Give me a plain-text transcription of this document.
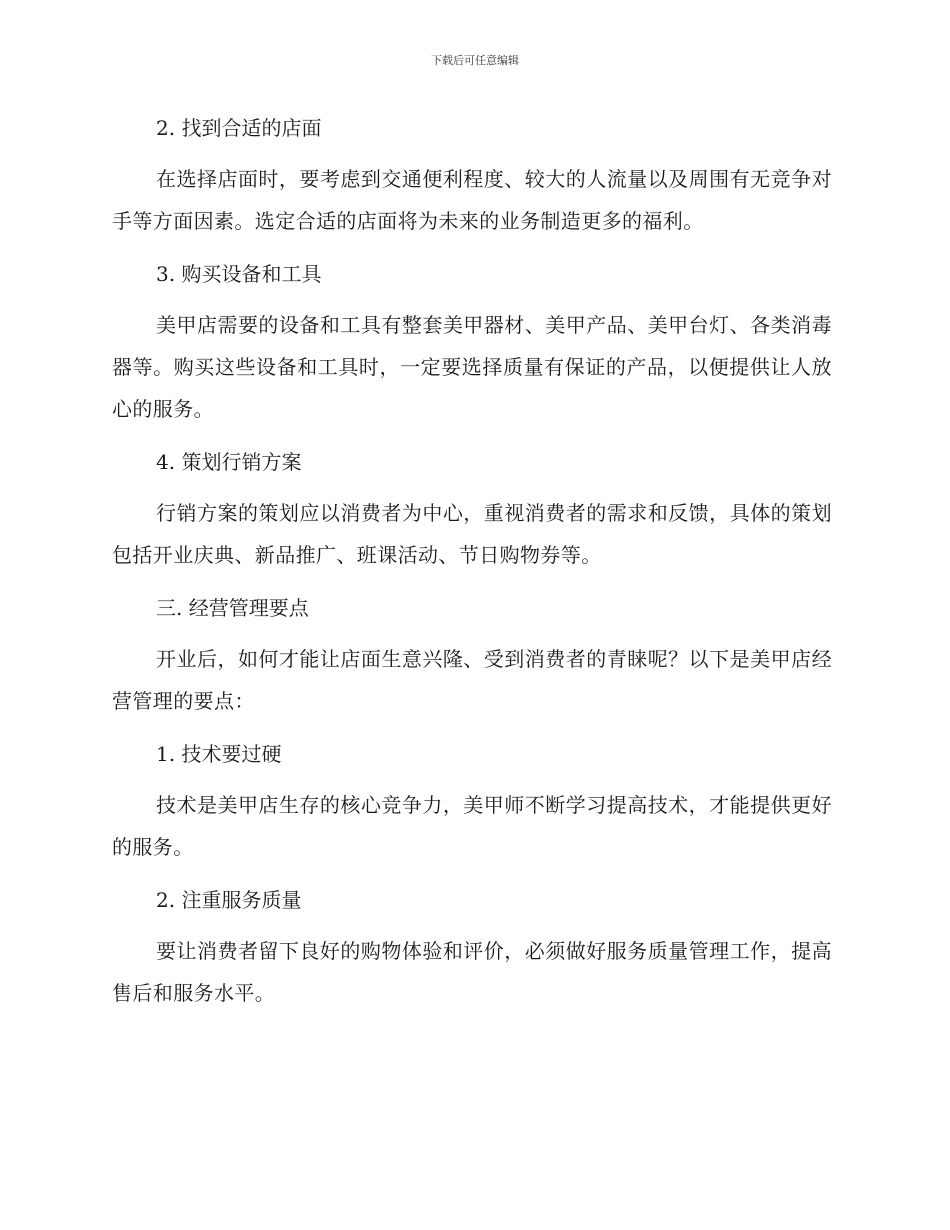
下载后可任意编辑
2. 找到合适的店面

在选择店面时，要考虑到交通便利程度、较大的人流量以及周围有无竞争对手等方面因素。选定合适的店面将为未来的业务制造更多的福利。

3. 购买设备和工具

美甲店需要的设备和工具有整套美甲器材、美甲产品、美甲台灯、各类消毒器等。购买这些设备和工具时，一定要选择质量有保证的产品，以便提供让人放心的服务。

4. 策划行销方案

行销方案的策划应以消费者为中心，重视消费者的需求和反馈，具体的策划包括开业庆典、新品推广、班课活动、节日购物券等。

三. 经营管理要点

开业后，如何才能让店面生意兴隆、受到消费者的青睐呢？以下是美甲店经营管理的要点：

1. 技术要过硬

技术是美甲店生存的核心竞争力，美甲师不断学习提高技术，才能提供更好的服务。

2. 注重服务质量

要让消费者留下良好的购物体验和评价，必须做好服务质量管理工作，提高售后和服务水平。
